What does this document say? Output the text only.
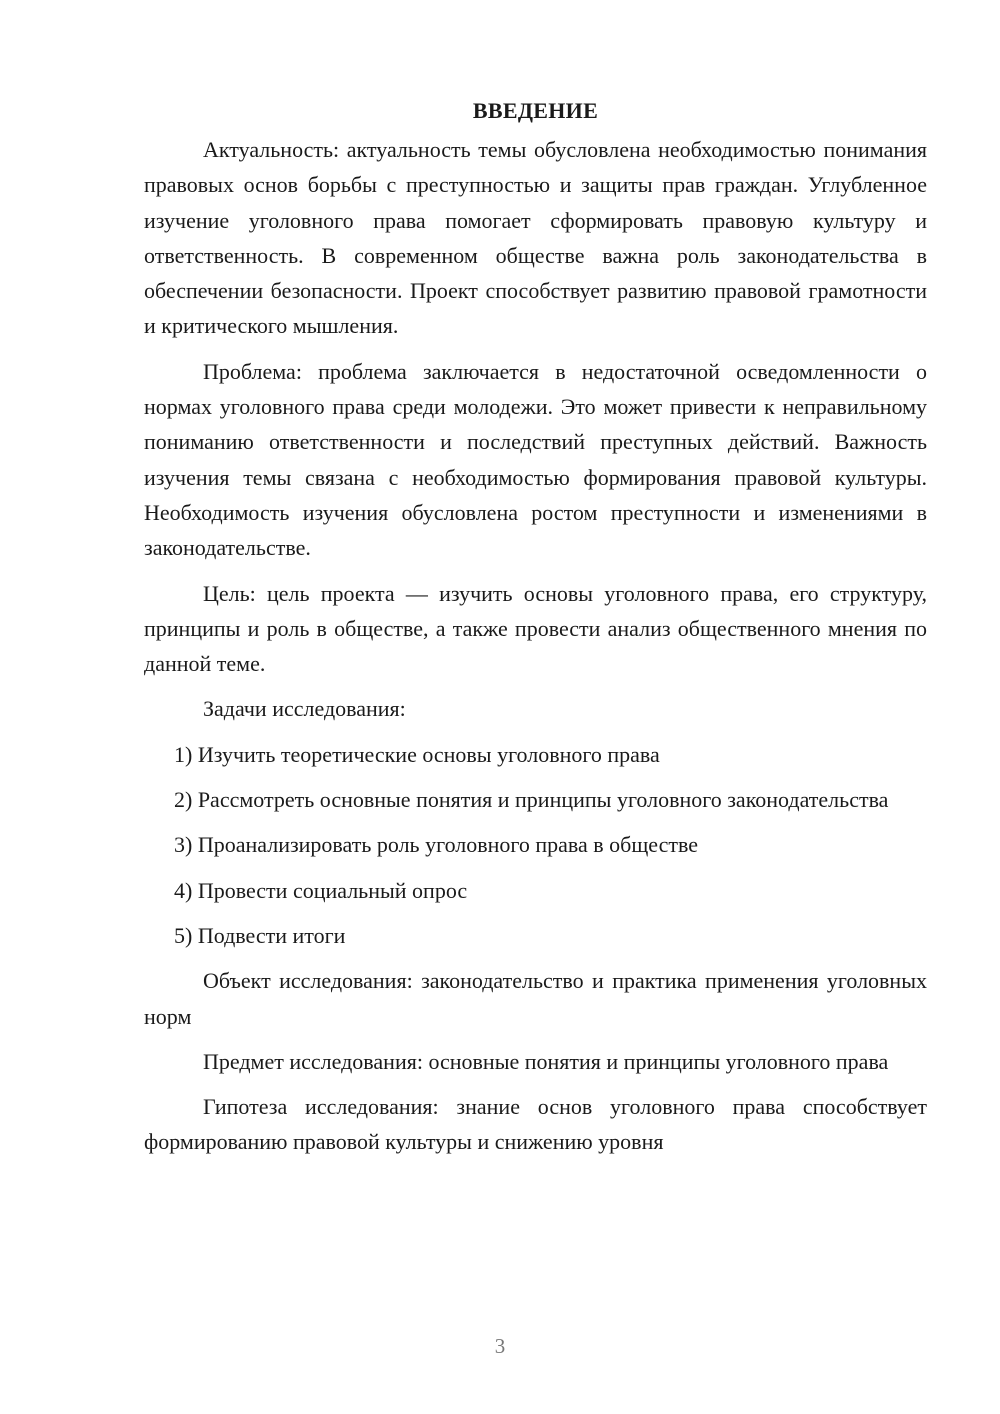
ВВЕДЕНИЕ

Актуальность: актуальность темы обусловлена необходимостью понимания правовых основ борьбы с преступностью и защиты прав граждан. Углубленное изучение уголовного права помогает сформировать правовую культуру и ответственность. В современном обществе важна роль законодательства в обеспечении безопасности. Проект способствует развитию правовой грамотности и критического мышления.

Проблема: проблема заключается в недостаточной осведомленности о нормах уголовного права среди молодежи. Это может привести к неправильному пониманию ответственности и последствий преступных действий. Важность изучения темы связана с необходимостью формирования правовой культуры. Необходимость изучения обусловлена ростом преступности и изменениями в законодательстве.

Цель: цель проекта — изучить основы уголовного права, его структуру, принципы и роль в обществе, а также провести анализ общественного мнения по данной теме.

Задачи исследования:

1) Изучить теоретические основы уголовного права

2) Рассмотреть основные понятия и принципы уголовного законодательства

3) Проанализировать роль уголовного права в обществе

4) Провести социальный опрос

5) Подвести итоги

Объект исследования: законодательство и практика применения уголовных норм

Предмет исследования: основные понятия и принципы уголовного права

Гипотеза исследования: знание основ уголовного права способствует формированию правовой культуры и снижению уровня

3
